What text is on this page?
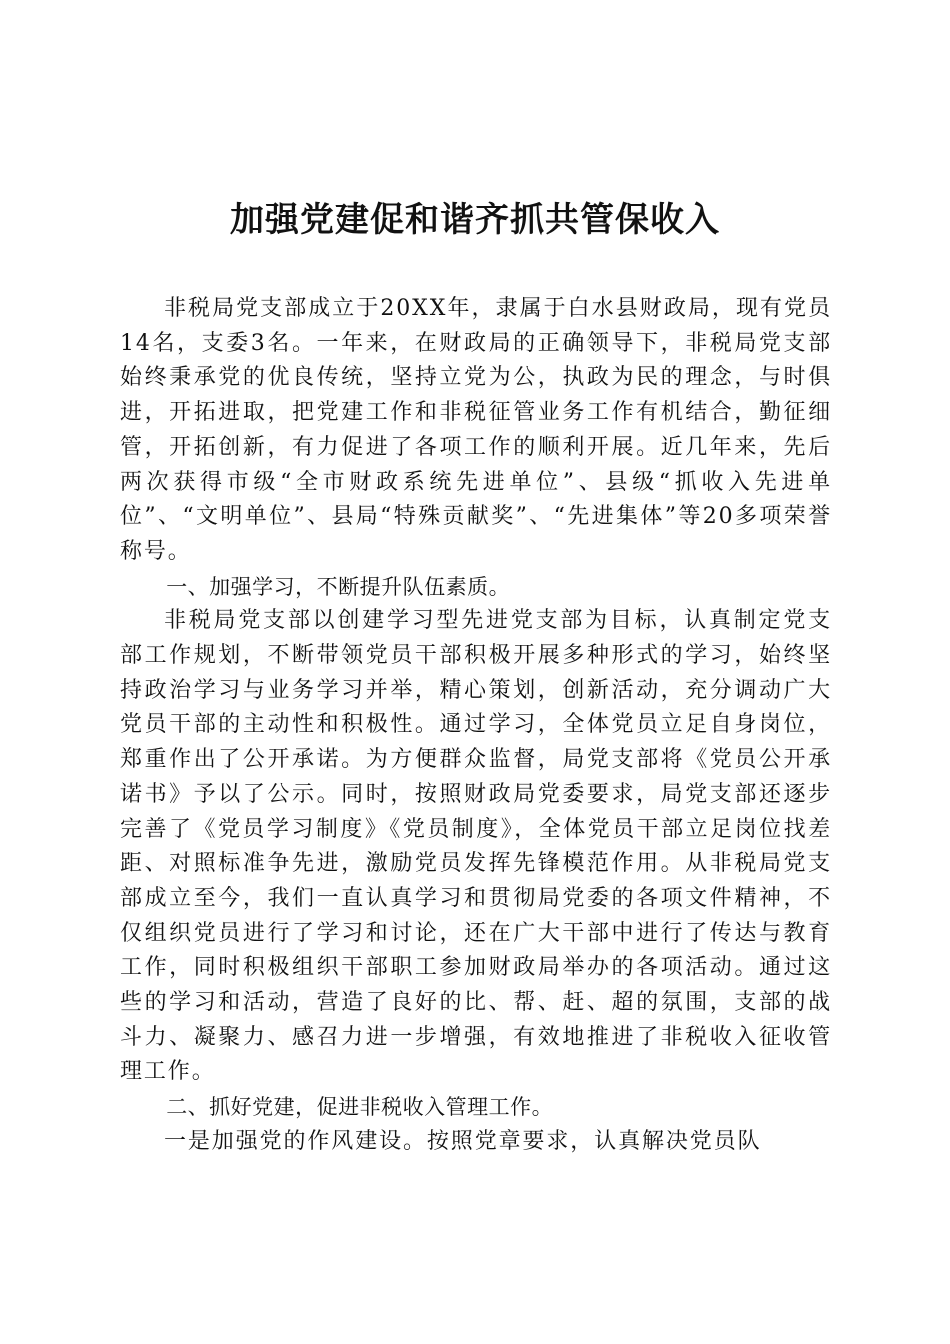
加强党建促和谐齐抓共管保收入

非税局党支部成立于20XX年，隶属于白水县财政局，现有党员14名，支委3名。一年来，在财政局的正确领导下，非税局党支部始终秉承党的优良传统，坚持立党为公，执政为民的理念，与时俱进，开拓进取，把党建工作和非税征管业务工作有机结合，勤征细管，开拓创新，有力促进了各项工作的顺利开展。近几年来，先后两次获得市级“全市财政系统先进单位”、县级“抓收入先进单位”、“文明单位”、县局“特殊贡献奖”、“先进集体”等20多项荣誉称号。

一、加强学习，不断提升队伍素质。

非税局党支部以创建学习型先进党支部为目标，认真制定党支部工作规划，不断带领党员干部积极开展多种形式的学习，始终坚持政治学习与业务学习并举，精心策划，创新活动，充分调动广大党员干部的主动性和积极性。通过学习，全体党员立足自身岗位，郑重作出了公开承诺。为方便群众监督，局党支部将《党员公开承诺书》予以了公示。同时，按照财政局党委要求，局党支部还逐步完善了《党员学习制度》《党员制度》，全体党员干部立足岗位找差距、对照标准争先进，激励党员发挥先锋模范作用。从非税局党支部成立至今，我们一直认真学习和贯彻局党委的各项文件精神，不仅组织党员进行了学习和讨论，还在广大干部中进行了传达与教育工作，同时积极组织干部职工参加财政局举办的各项活动。通过这些的学习和活动，营造了良好的比、帮、赶、超的氛围，支部的战斗力、凝聚力、感召力进一步增强，有效地推进了非税收入征收管理工作。

二、抓好党建，促进非税收入管理工作。

一是加强党的作风建设。按照党章要求，认真解决党员队
